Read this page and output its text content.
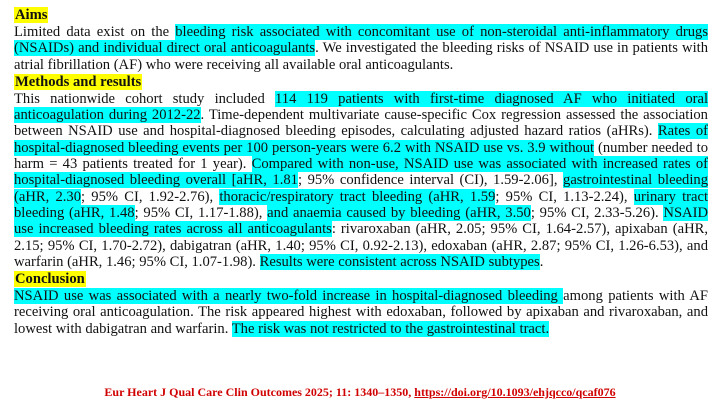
Aims

Limited data exist on the bleeding risk associated with concomitant use of non-steroidal anti-inflammatory drugs (NSAIDs) and individual direct oral anticoagulants. We investigated the bleeding risks of NSAID use in patients with atrial fibrillation (AF) who were receiving all available oral anticoagulants.

Methods and results

This nationwide cohort study included 114 119 patients with first-time diagnosed AF who initiated oral anticoagulation during 2012-22. Time-dependent multivariate cause-specific Cox regression assessed the association between NSAID use and hospital-diagnosed bleeding episodes, calculating adjusted hazard ratios (aHRs). Rates of hospital-diagnosed bleeding events per 100 person-years were 6.2 with NSAID use vs. 3.9 without (number needed to harm = 43 patients treated for 1 year). Compared with non-use, NSAID use was associated with increased rates of hospital-diagnosed bleeding overall [aHR, 1.81; 95% confidence interval (CI), 1.59-2.06], gastrointestinal bleeding (aHR, 2.30; 95% CI, 1.92-2.76), thoracic/respiratory tract bleeding (aHR, 1.59; 95% CI, 1.13-2.24), urinary tract bleeding (aHR, 1.48; 95% CI, 1.17-1.88), and anaemia caused by bleeding (aHR, 3.50; 95% CI, 2.33-5.26). NSAID use increased bleeding rates across all anticoagulants: rivaroxaban (aHR, 2.05; 95% CI, 1.64-2.57), apixaban (aHR, 2.15; 95% CI, 1.70-2.72), dabigatran (aHR, 1.40; 95% CI, 0.92-2.13), edoxaban (aHR, 2.87; 95% CI, 1.26-6.53), and warfarin (aHR, 1.46; 95% CI, 1.07-1.98). Results were consistent across NSAID subtypes.

Conclusion

NSAID use was associated with a nearly two-fold increase in hospital-diagnosed bleeding among patients with AF receiving oral anticoagulation. The risk appeared highest with edoxaban, followed by apixaban and rivaroxaban, and lowest with dabigatran and warfarin. The risk was not restricted to the gastrointestinal tract.

Eur Heart J Qual Care Clin Outcomes 2025; 11: 1340–1350, https://doi.org/10.1093/ehjqcco/qcaf076
